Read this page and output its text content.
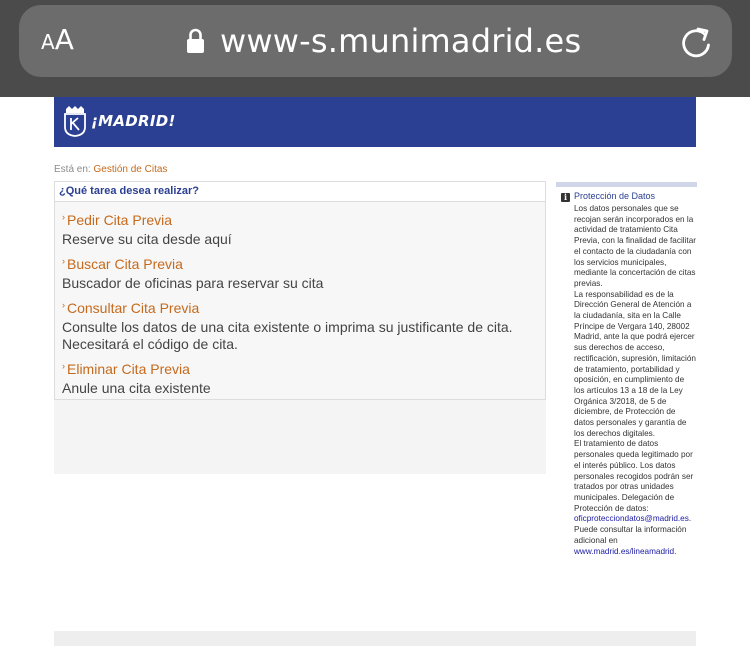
AA	www-s.munimadrid.es
¡MADRID!
Está en: Gestión de Citas
¿Qué tarea desea realizar?
› Pedir Cita Previa
Reserve su cita desde aquí
› Buscar Cita Previa
Buscador de oficinas para reservar su cita
› Consultar Cita Previa
Consulte los datos de una cita existente o imprima su justificante de cita. Necesitará el código de cita.
› Eliminar Cita Previa
Anule una cita existente
i Protección de Datos
Los datos personales que se recojan serán incorporados en la actividad de tratamiento Cita Previa, con la finalidad de facilitar el contacto de la ciudadanía con los servicios municipales, mediante la concertación de citas previas.
La responsabilidad es de la Dirección General de Atención a la ciudadanía, sita en la Calle Príncipe de Vergara 140, 28002 Madrid, ante la que podrá ejercer sus derechos de acceso, rectificación, supresión, limitación de tratamiento, portabilidad y oposición, en cumplimiento de los artículos 13 a 18 de la Ley Orgánica 3/2018, de 5 de diciembre, de Protección de datos personales y garantía de los derechos digitales.
El tratamiento de datos personales queda legitimado por el interés público. Los datos personales recogidos podrán ser tratados por otras unidades municipales. Delegación de Protección de datos: oficprotecciondatos@madrid.es. Puede consultar la información adicional en www.madrid.es/lineamadrid.
